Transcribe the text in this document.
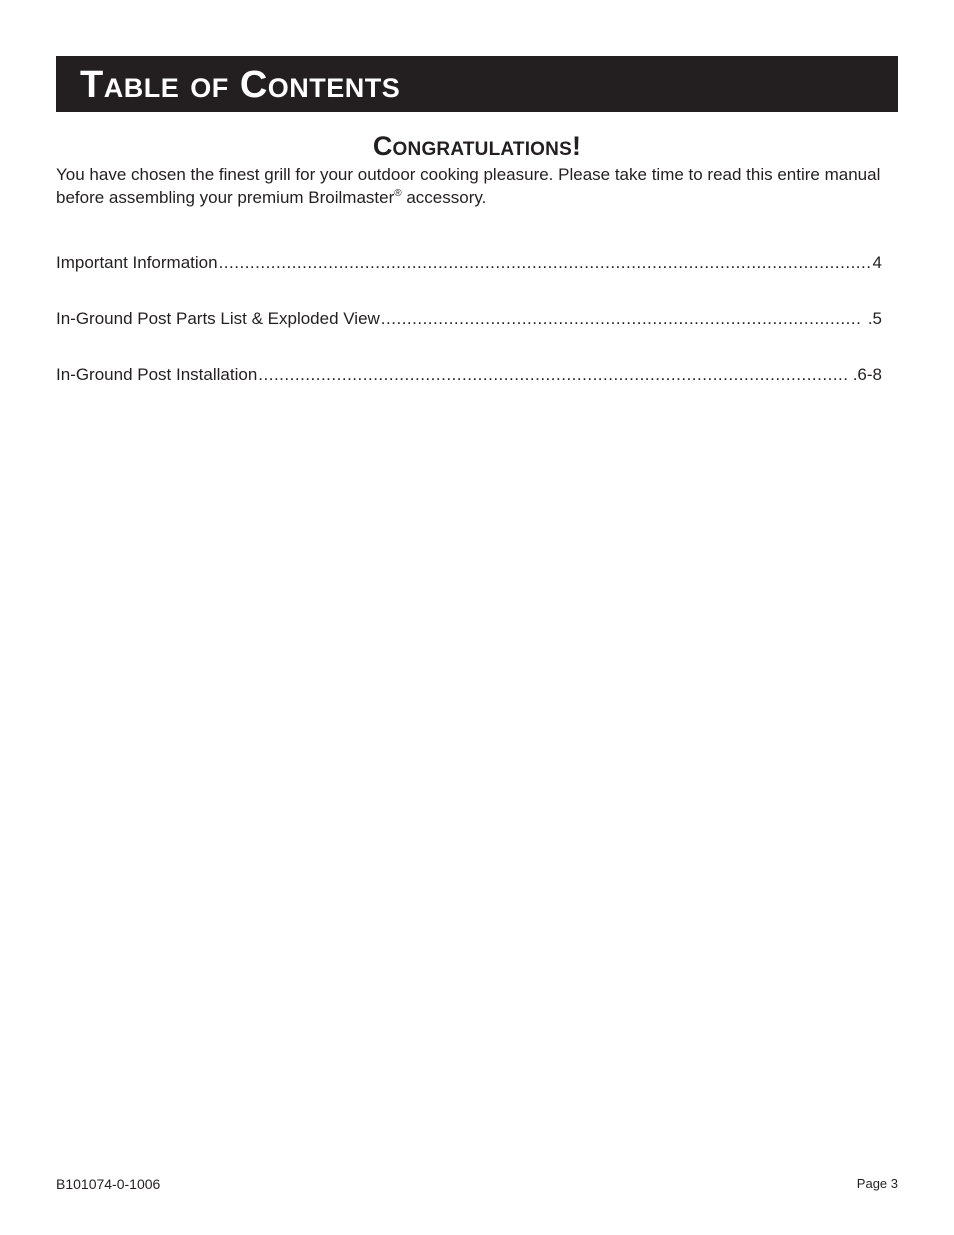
Table of Contents
Congratulations!
You have chosen the finest grill for your outdoor cooking pleasure. Please take time to read this entire manual before assembling your premium Broilmaster® accessory.
Important Information .....	4
In-Ground Post Parts List & Exploded View .....	.5
In-Ground Post Installation .....	.6-8
B101074-0-1006	Page 3
